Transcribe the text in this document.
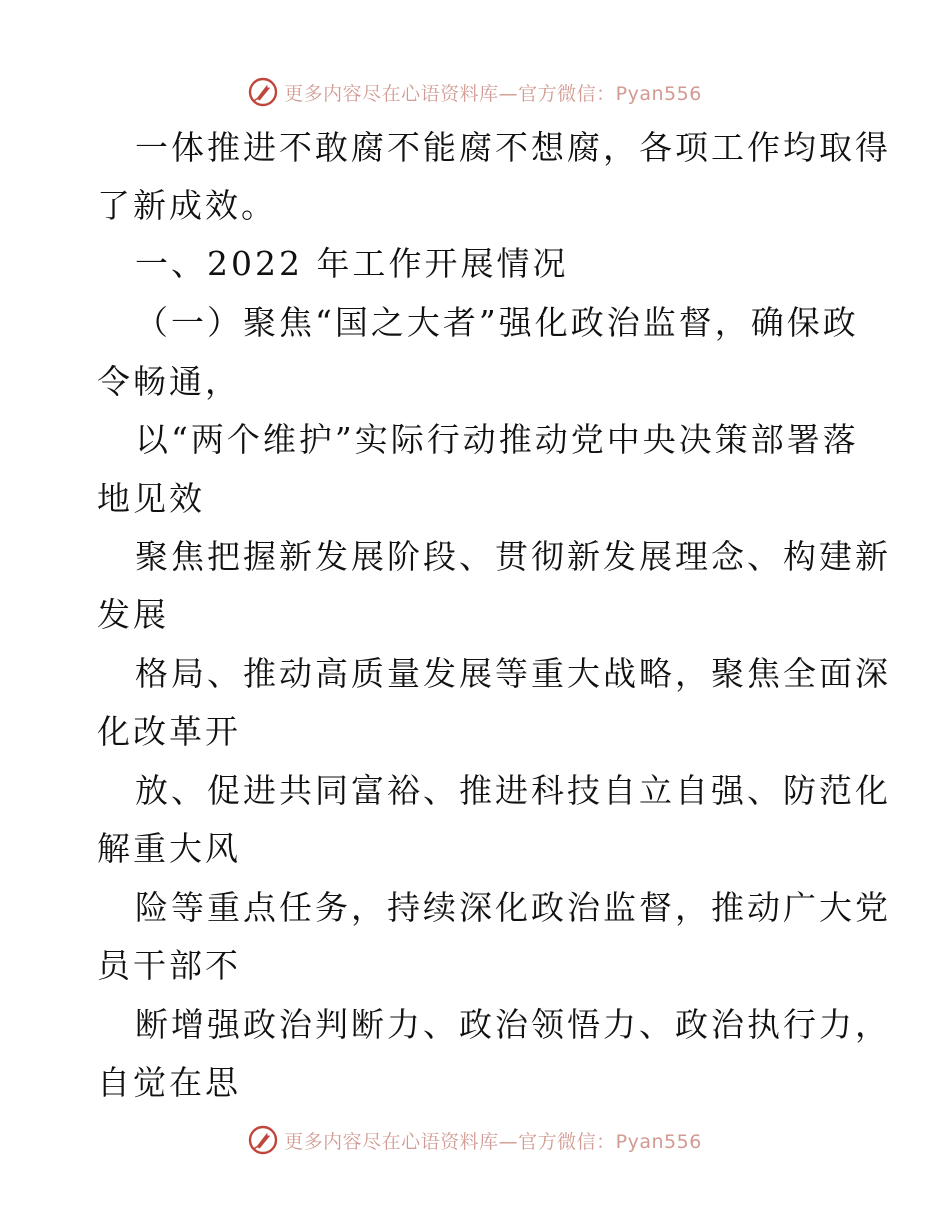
更多内容尽在心语资料库—官方微信：Pyan556
一体推进不敢腐不能腐不想腐，各项工作均取得
了新成效。
一、2022 年工作开展情况
（一）聚焦“国之大者”强化政治监督，确保政
令畅通，
以“两个维护”实际行动推动党中央决策部署落
地见效
聚焦把握新发展阶段、贯彻新发展理念、构建新
发展
格局、推动高质量发展等重大战略，聚焦全面深
化改革开
放、促进共同富裕、推进科技自立自强、防范化
解重大风
险等重点任务，持续深化政治监督，推动广大党
员干部不
断增强政治判断力、政治领悟力、政治执行力，
自觉在思
更多内容尽在心语资料库—官方微信：Pyan556
